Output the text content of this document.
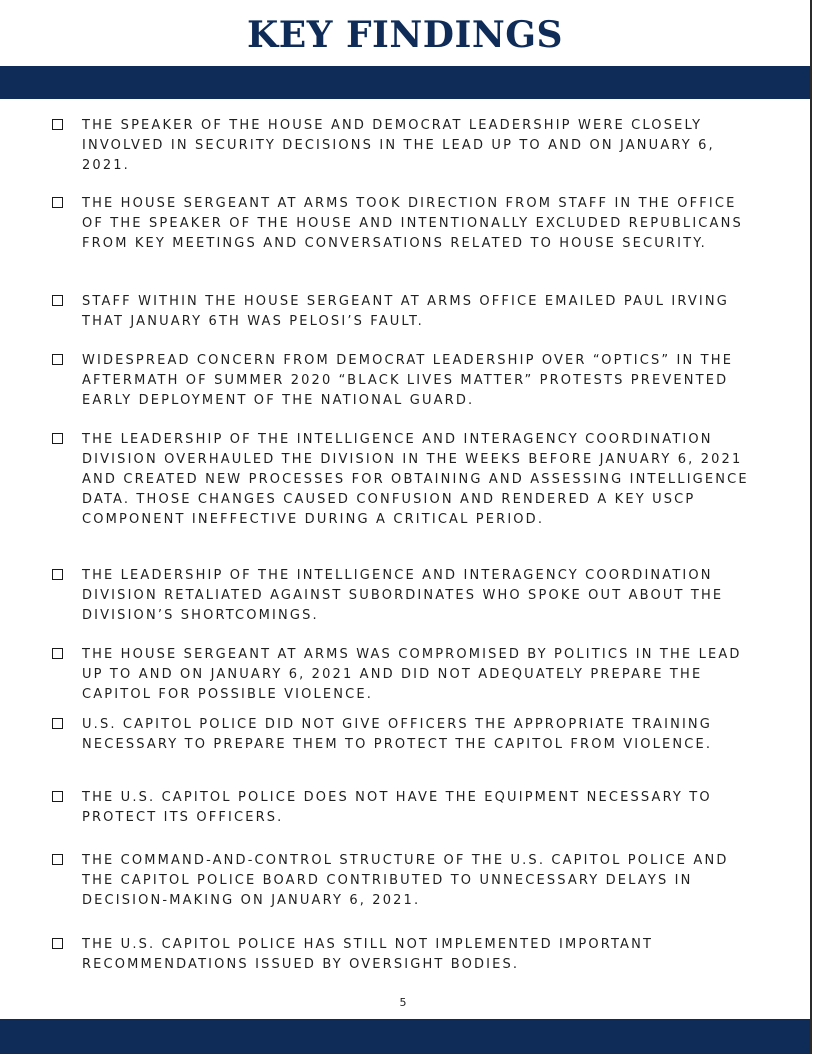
KEY FINDINGS

THE SPEAKER OF THE HOUSE AND DEMOCRAT LEADERSHIP WERE CLOSELY INVOLVED IN SECURITY DECISIONS IN THE LEAD UP TO AND ON JANUARY 6, 2021.

THE HOUSE SERGEANT AT ARMS TOOK DIRECTION FROM STAFF IN THE OFFICE OF THE SPEAKER OF THE HOUSE AND INTENTIONALLY EXCLUDED REPUBLICANS FROM KEY MEETINGS AND CONVERSATIONS RELATED TO HOUSE SECURITY.

STAFF WITHIN THE HOUSE SERGEANT AT ARMS OFFICE EMAILED PAUL IRVING THAT JANUARY 6TH WAS PELOSI’S FAULT.

WIDESPREAD CONCERN FROM DEMOCRAT LEADERSHIP OVER “OPTICS” IN THE AFTERMATH OF SUMMER 2020 “BLACK LIVES MATTER” PROTESTS PREVENTED EARLY DEPLOYMENT OF THE NATIONAL GUARD.

THE LEADERSHIP OF THE INTELLIGENCE AND INTERAGENCY COORDINATION DIVISION OVERHAULED THE DIVISION IN THE WEEKS BEFORE JANUARY 6, 2021 AND CREATED NEW PROCESSES FOR OBTAINING AND ASSESSING INTELLIGENCE DATA. THOSE CHANGES CAUSED CONFUSION AND RENDERED A KEY USCP COMPONENT INEFFECTIVE DURING A CRITICAL PERIOD.

THE LEADERSHIP OF THE INTELLIGENCE AND INTERAGENCY COORDINATION DIVISION RETALIATED AGAINST SUBORDINATES WHO SPOKE OUT ABOUT THE DIVISION’S SHORTCOMINGS.

THE HOUSE SERGEANT AT ARMS WAS COMPROMISED BY POLITICS IN THE LEAD UP TO AND ON JANUARY 6, 2021 AND DID NOT ADEQUATELY PREPARE THE CAPITOL FOR POSSIBLE VIOLENCE.

U.S. CAPITOL POLICE DID NOT GIVE OFFICERS THE APPROPRIATE TRAINING NECESSARY TO PREPARE THEM TO PROTECT THE CAPITOL FROM VIOLENCE.

THE U.S. CAPITOL POLICE DOES NOT HAVE THE EQUIPMENT NECESSARY TO PROTECT ITS OFFICERS.

THE COMMAND-AND-CONTROL STRUCTURE OF THE U.S. CAPITOL POLICE AND THE CAPITOL POLICE BOARD CONTRIBUTED TO UNNECESSARY DELAYS IN DECISION-MAKING ON JANUARY 6, 2021.

THE U.S. CAPITOL POLICE HAS STILL NOT IMPLEMENTED IMPORTANT RECOMMENDATIONS ISSUED BY OVERSIGHT BODIES.

5
